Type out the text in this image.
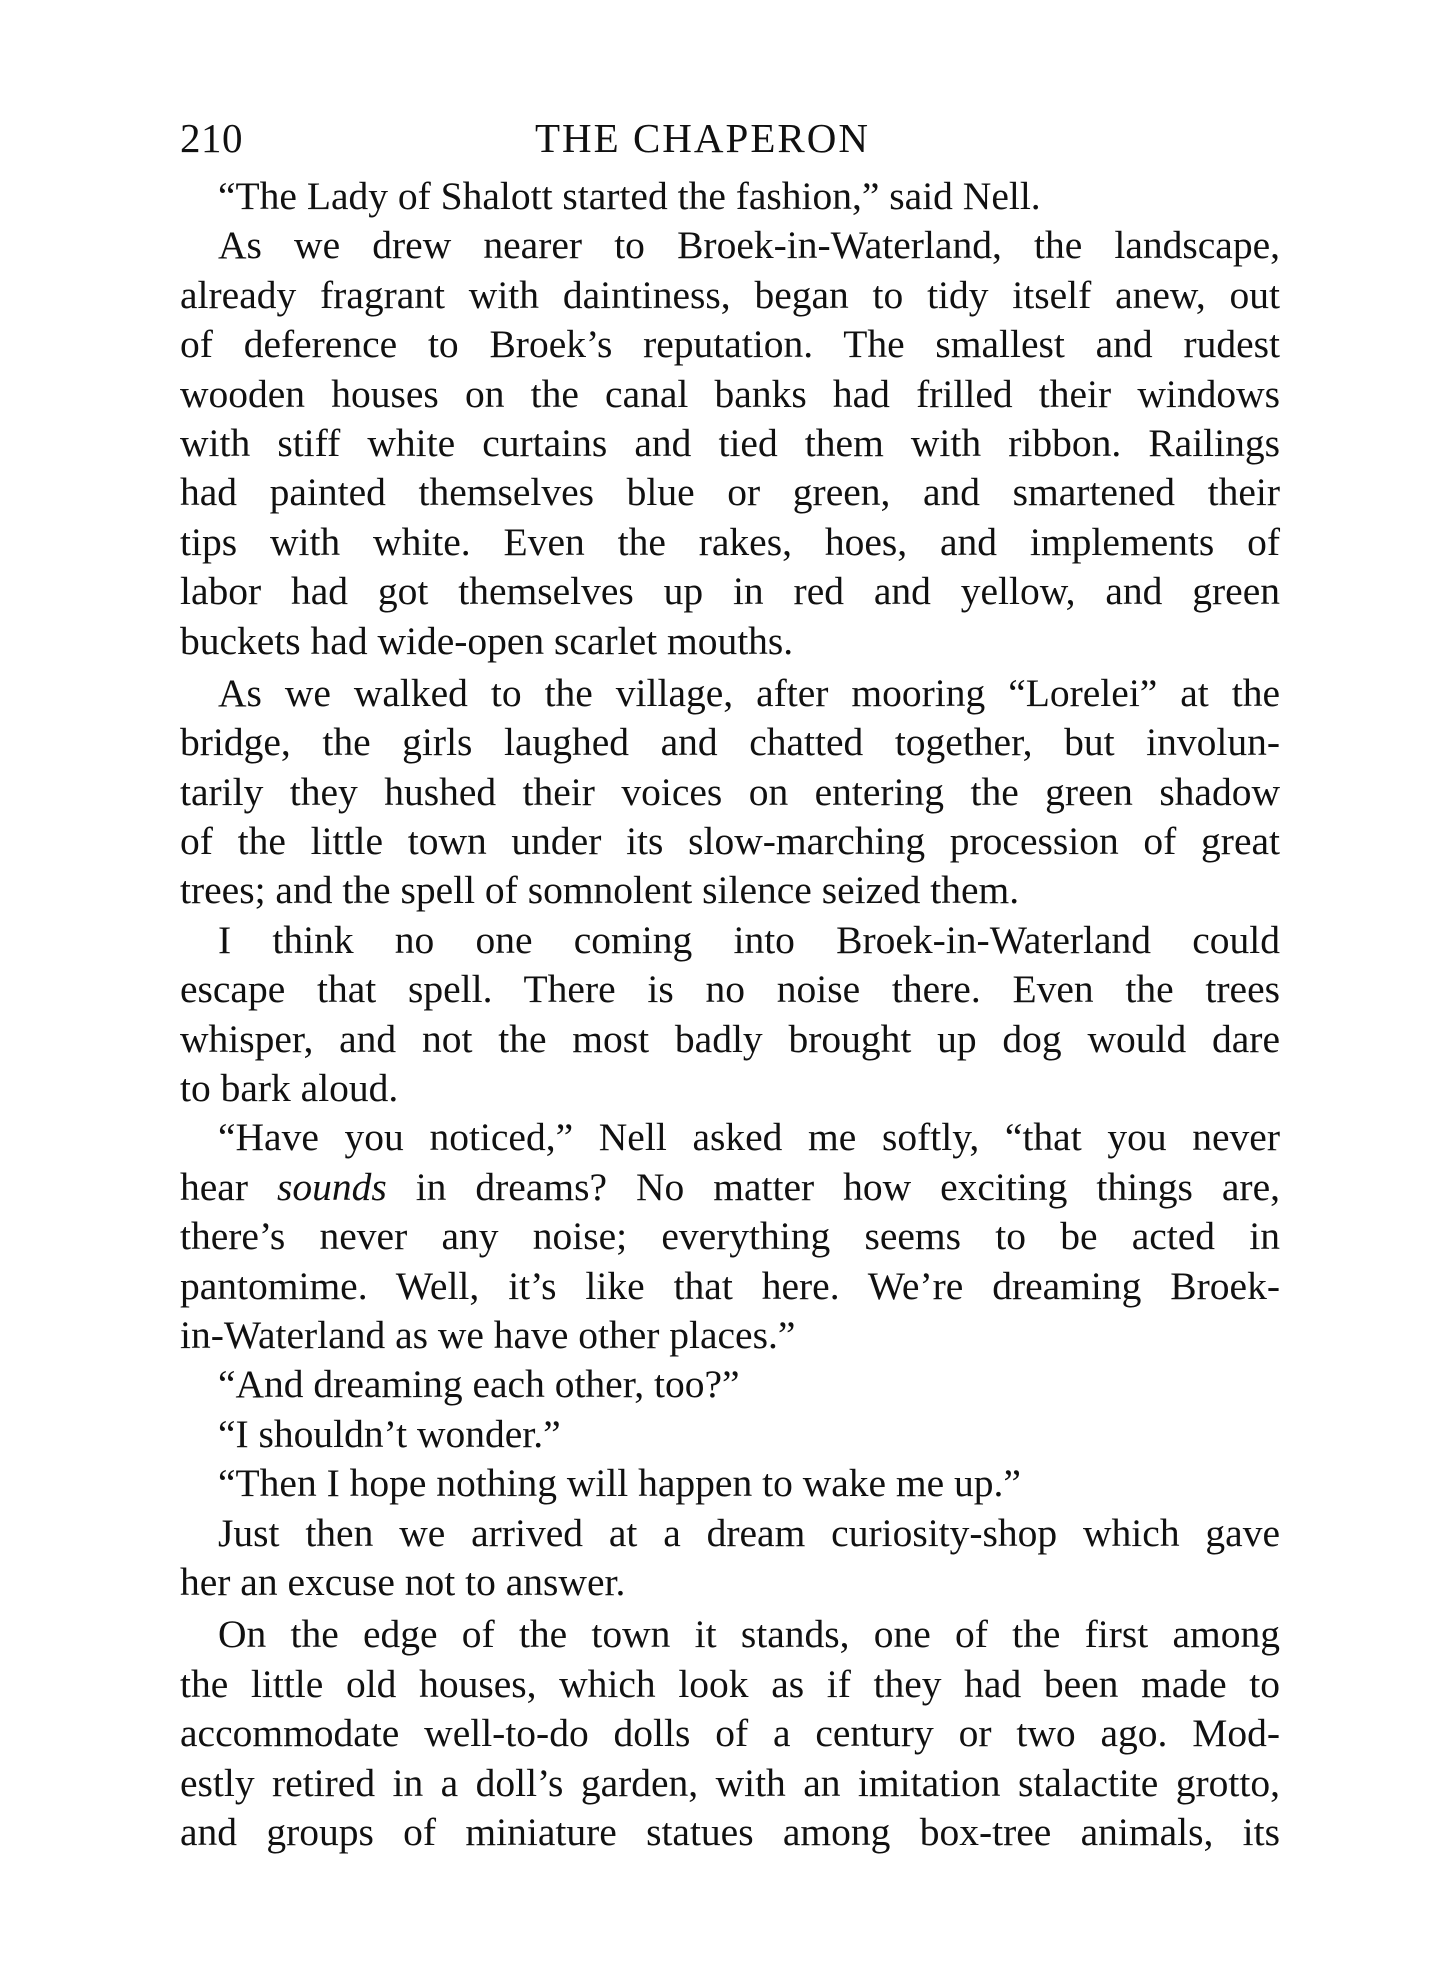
210	THE CHAPERON
“The Lady of Shalott started the fashion,” said Nell.
As we drew nearer to Broek-in-Waterland, the landscape,
already fragrant with daintiness, began to tidy itself anew, out
of deference to Broek’s reputation. The smallest and rudest
wooden houses on the canal banks had frilled their windows
with stiff white curtains and tied them with ribbon. Railings
had painted themselves blue or green, and smartened their
tips with white. Even the rakes, hoes, and implements of
labor had got themselves up in red and yellow, and green
buckets had wide-open scarlet mouths.
As we walked to the village, after mooring “Lorelei” at the
bridge, the girls laughed and chatted together, but involun-
tarily they hushed their voices on entering the green shadow
of the little town under its slow-marching procession of great
trees; and the spell of somnolent silence seized them.
I think no one coming into Broek-in-Waterland could
escape that spell. There is no noise there. Even the trees
whisper, and not the most badly brought up dog would dare
to bark aloud.
“Have you noticed,” Nell asked me softly, “that you never
hear sounds in dreams? No matter how exciting things are,
there’s never any noise; everything seems to be acted in
pantomime. Well, it’s like that here. We’re dreaming Broek-
in-Waterland as we have other places.”
“And dreaming each other, too?”
“I shouldn’t wonder.”
“Then I hope nothing will happen to wake me up.”
Just then we arrived at a dream curiosity-shop which gave
her an excuse not to answer.
On the edge of the town it stands, one of the first among
the little old houses, which look as if they had been made to
accommodate well-to-do dolls of a century or two ago. Mod-
estly retired in a doll’s garden, with an imitation stalactite grotto,
and groups of miniature statues among box-tree animals, its
